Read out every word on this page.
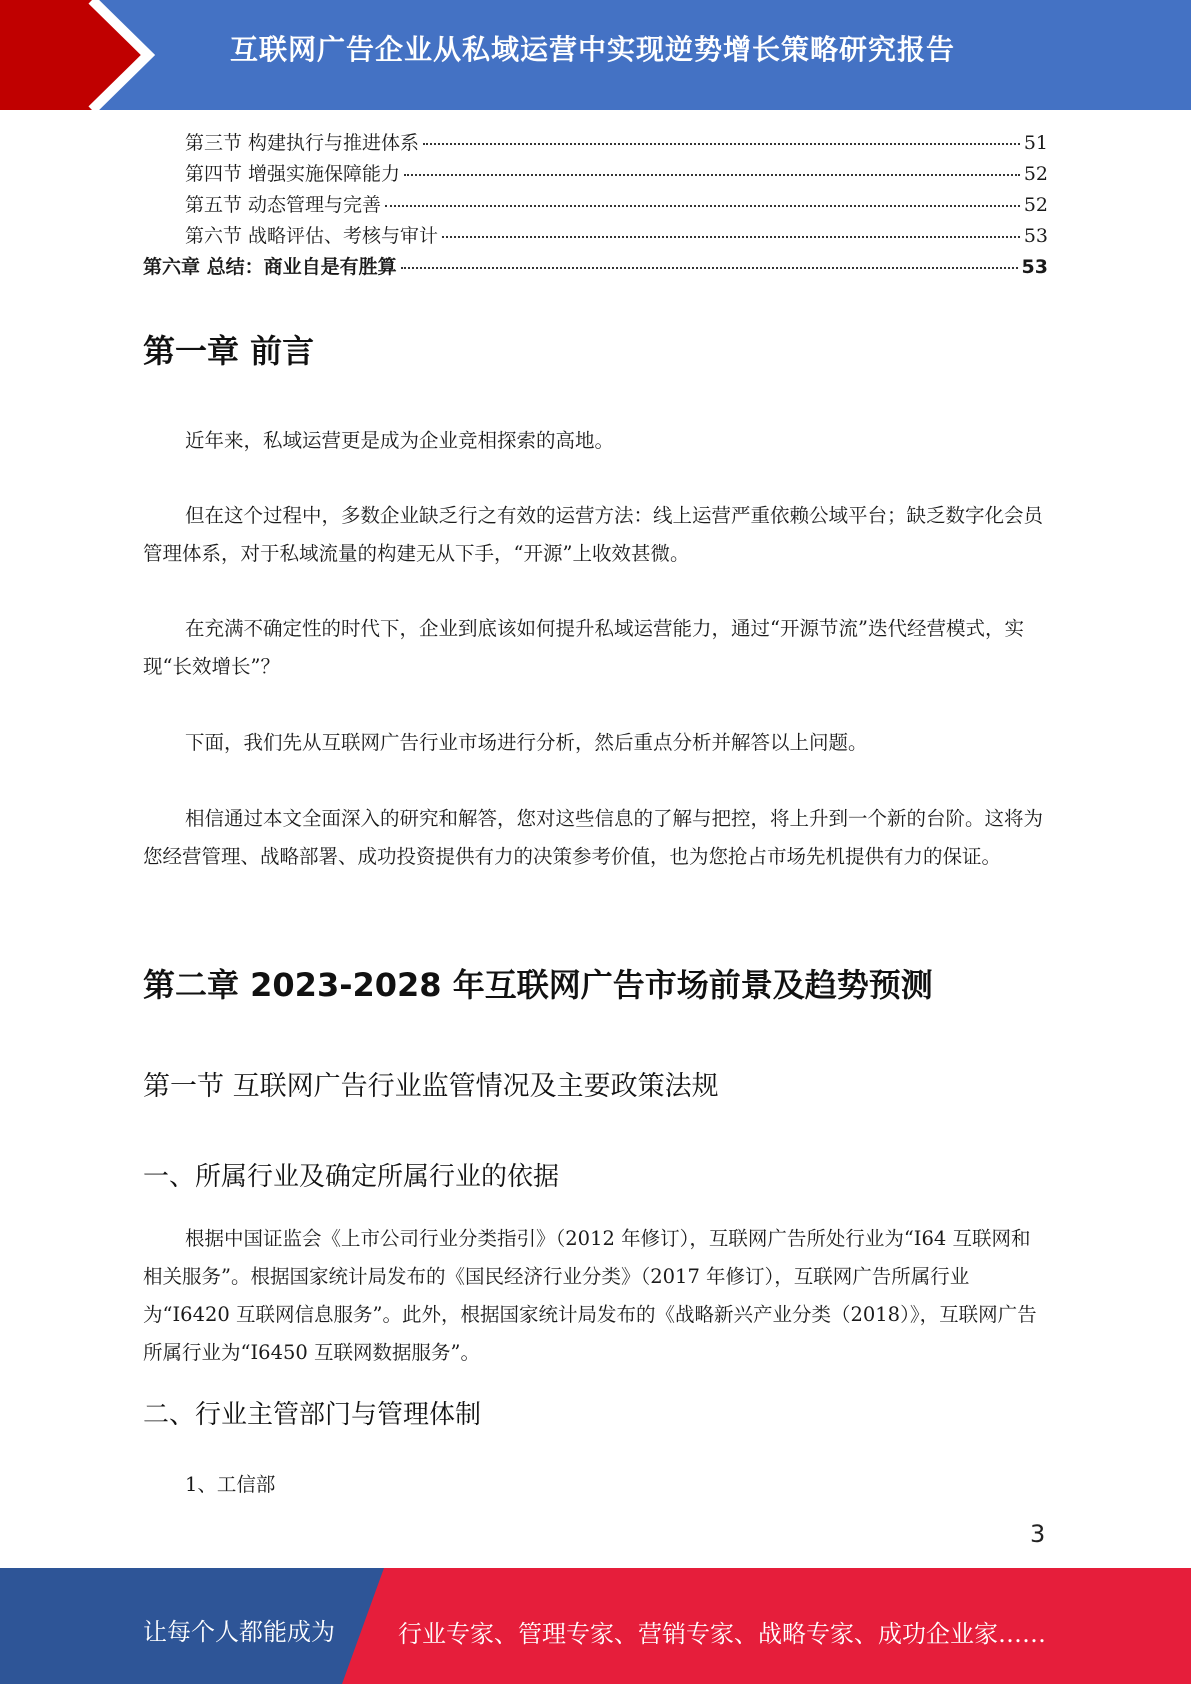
互联网广告企业从私域运营中实现逆势增长策略研究报告
第三节 构建执行与推进体系	51
第四节 增强实施保障能力	52
第五节 动态管理与完善	52
第六节 战略评估、考核与审计	53
第六章 总结：商业自是有胜算	53
第一章 前言

近年来，私域运营更是成为企业竞相探索的高地。

但在这个过程中，多数企业缺乏行之有效的运营方法：线上运营严重依赖公域平台；缺乏数字化会员管理体系，对于私域流量的构建无从下手，“开源”上收效甚微。

在充满不确定性的时代下，企业到底该如何提升私域运营能力，通过“开源节流”迭代经营模式，实现“长效增长”？

下面，我们先从互联网广告行业市场进行分析，然后重点分析并解答以上问题。

相信通过本文全面深入的研究和解答，您对这些信息的了解与把控，将上升到一个新的台阶。这将为您经营管理、战略部署、成功投资提供有力的决策参考价值，也为您抢占市场先机提供有力的保证。

第二章 2023-2028 年互联网广告市场前景及趋势预测
第一节 互联网广告行业监管情况及主要政策法规
一、所属行业及确定所属行业的依据

根据中国证监会《上市公司行业分类指引》（2012 年修订），互联网广告所处行业为“I64 互联网和相关服务”。根据国家统计局发布的《国民经济行业分类》（2017 年修订），互联网广告所属行业为“I6420 互联网信息服务”。此外，根据国家统计局发布的《战略新兴产业分类（2018）》，互联网广告所属行业为“I6450 互联网数据服务”。

二、行业主管部门与管理体制

1、工信部

3
让每个人都能成为	行业专家、管理专家、营销专家、战略专家、成功企业家……
